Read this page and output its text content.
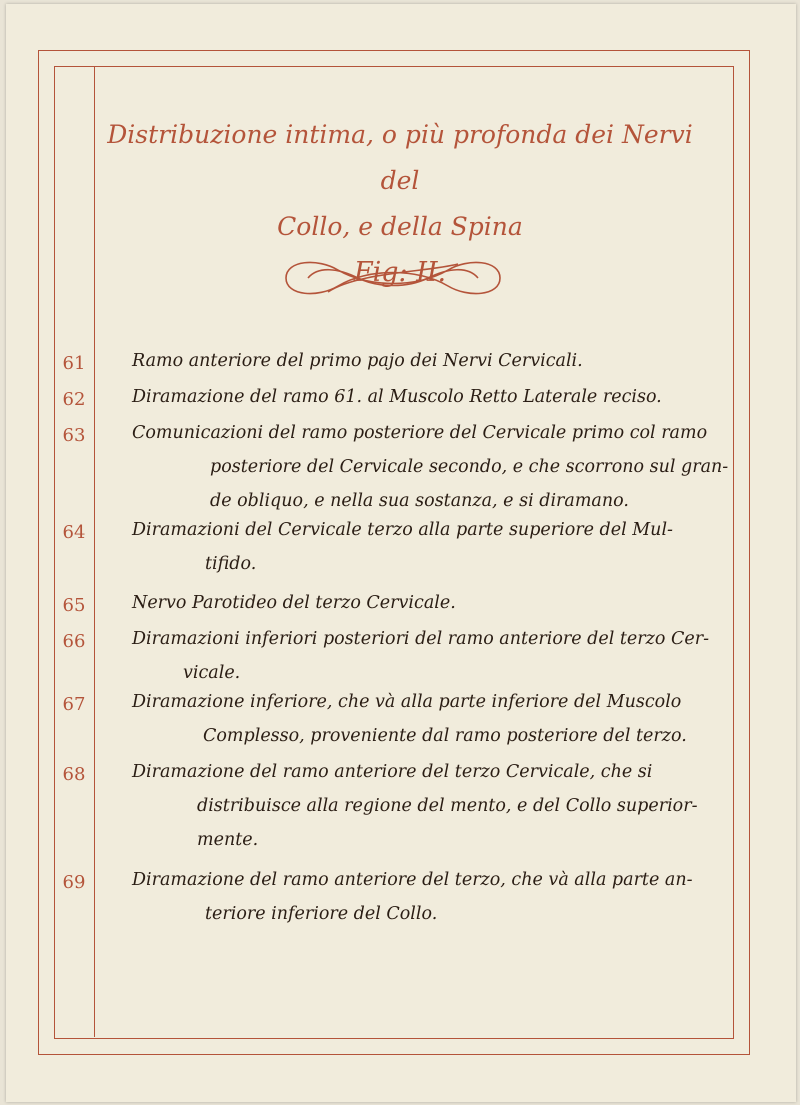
Distribuzione intima, o più profonda dei Nervi del
Collo, e della Spina
Fig: II.
61	Ramo anteriore del primo pajo dei Nervi Cervicali.
62	Diramazione del ramo 61. al Muscolo Retto Laterale reciso.
63	Comunicazioni del ramo posteriore del Cervicale primo col ramo
posteriore del Cervicale secondo, e che scorrono sul gran-
de obliquo, e nella sua sostanza, e si diramano.
64	Diramazioni del Cervicale terzo alla parte superiore del Mul-
tifido.
65	Nervo Parotideo del terzo Cervicale.
66	Diramazioni inferiori posteriori del ramo anteriore del terzo Cer-
vicale.
67	Diramazione inferiore, che và alla parte inferiore del Muscolo
Complesso, proveniente dal ramo posteriore del terzo.
68	Diramazione del ramo anteriore del terzo Cervicale, che si
distribuisce alla regione del mento, e del Collo superior-
mente.
69	Diramazione del ramo anteriore del terzo, che và alla parte an-
teriore inferiore del Collo.
